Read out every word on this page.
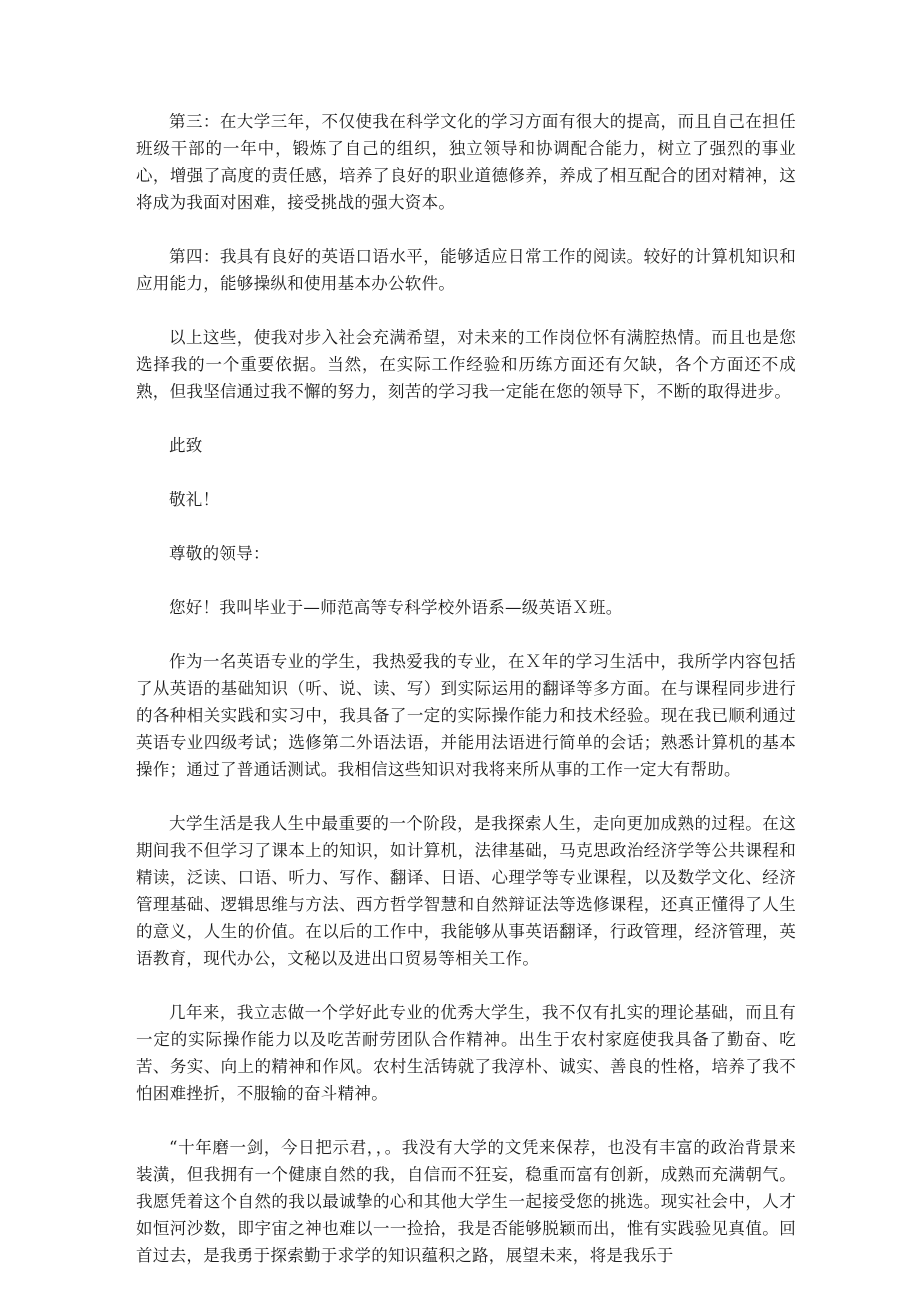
第三：在大学三年，不仅使我在科学文化的学习方面有很大的提高，而且自己在担任班级干部的一年中，锻炼了自己的组织，独立领导和协调配合能力，树立了强烈的事业心，增强了高度的责任感，培养了良好的职业道德修养，养成了相互配合的团对精神，这将成为我面对困难，接受挑战的强大资本。

第四：我具有良好的英语口语水平，能够适应日常工作的阅读。较好的计算机知识和应用能力，能够操纵和使用基本办公软件。

以上这些，使我对步入社会充满希望，对未来的工作岗位怀有满腔热情。而且也是您选择我的一个重要依据。当然，在实际工作经验和历练方面还有欠缺，各个方面还不成熟，但我坚信通过我不懈的努力，刻苦的学习我一定能在您的领导下，不断的取得进步。

此致

敬礼！

尊敬的领导：

您好！我叫毕业于—师范高等专科学校外语系—级英语Ｘ班。

作为一名英语专业的学生，我热爱我的专业，在Ｘ年的学习生活中，我所学内容包括了从英语的基础知识（听、说、读、写）到实际运用的翻译等多方面。在与课程同步进行的各种相关实践和实习中，我具备了一定的实际操作能力和技术经验。现在我已顺利通过英语专业四级考试；选修第二外语法语，并能用法语进行简单的会话；熟悉计算机的基本操作；通过了普通话测试。我相信这些知识对我将来所从事的工作一定大有帮助。

大学生活是我人生中最重要的一个阶段，是我探索人生，走向更加成熟的过程。在这期间我不但学习了课本上的知识，如计算机，法律基础，马克思政治经济学等公共课程和精读，泛读、口语、听力、写作、翻译、日语、心理学等专业课程，以及数学文化、经济管理基础、逻辑思维与方法、西方哲学智慧和自然辩证法等选修课程，还真正懂得了人生的意义，人生的价值。在以后的工作中，我能够从事英语翻译，行政管理，经济管理，英语教育，现代办公，文秘以及进出口贸易等相关工作。

几年来，我立志做一个学好此专业的优秀大学生，我不仅有扎实的理论基础，而且有一定的实际操作能力以及吃苦耐劳团队合作精神。出生于农村家庭使我具备了勤奋、吃苦、务实、向上的精神和作风。农村生活铸就了我淳朴、诚实、善良的性格，培养了我不怕困难挫折，不服输的奋斗精神。

“十年磨一剑，今日把示君，，。我没有大学的文凭来保荐，也没有丰富的政治背景来装潢，但我拥有一个健康自然的我，自信而不狂妄，稳重而富有创新，成熟而充满朝气。我愿凭着这个自然的我以最诚挚的心和其他大学生一起接受您的挑选。现实社会中，人才如恒河沙数，即宇宙之神也难以一一捡拾，我是否能够脱颖而出，惟有实践验见真值。回首过去，是我勇于探索勤于求学的知识蕴积之路，展望未来，将是我乐于
